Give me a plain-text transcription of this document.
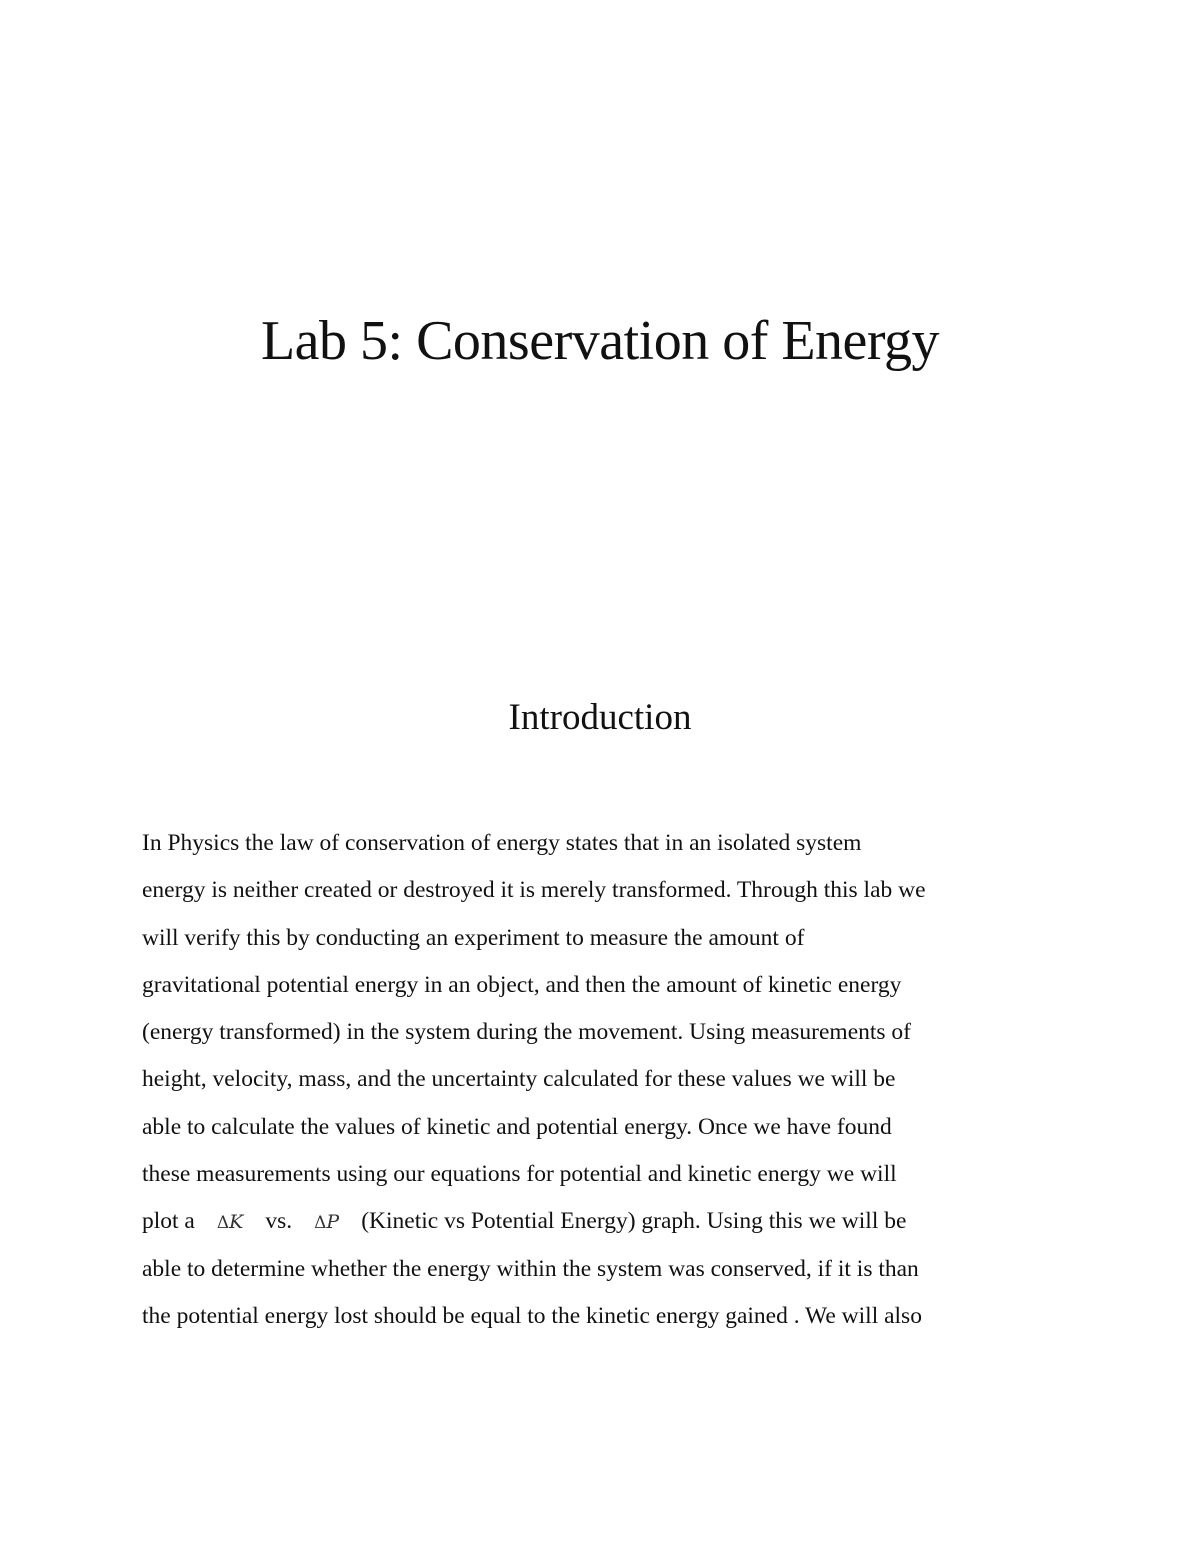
Lab 5: Conservation of Energy
Introduction
In Physics the law of conservation of energy states that in an isolated system
energy is neither created or destroyed it is merely transformed. Through this lab we
will verify this by conducting an experiment to measure the amount of
gravitational potential energy in an object, and then the amount of kinetic energy
(energy transformed) in the system during the movement. Using measurements of
height, velocity, mass, and the uncertainty calculated for these values we will be
able to calculate the values of kinetic and potential energy. Once we have found
these measurements using our equations for potential and kinetic energy we will
plot a ΔK vs. ΔP (Kinetic vs Potential Energy) graph. Using this we will be
able to determine whether the energy within the system was conserved, if it is than
the potential energy lost should be equal to the kinetic energy gained . We will also
